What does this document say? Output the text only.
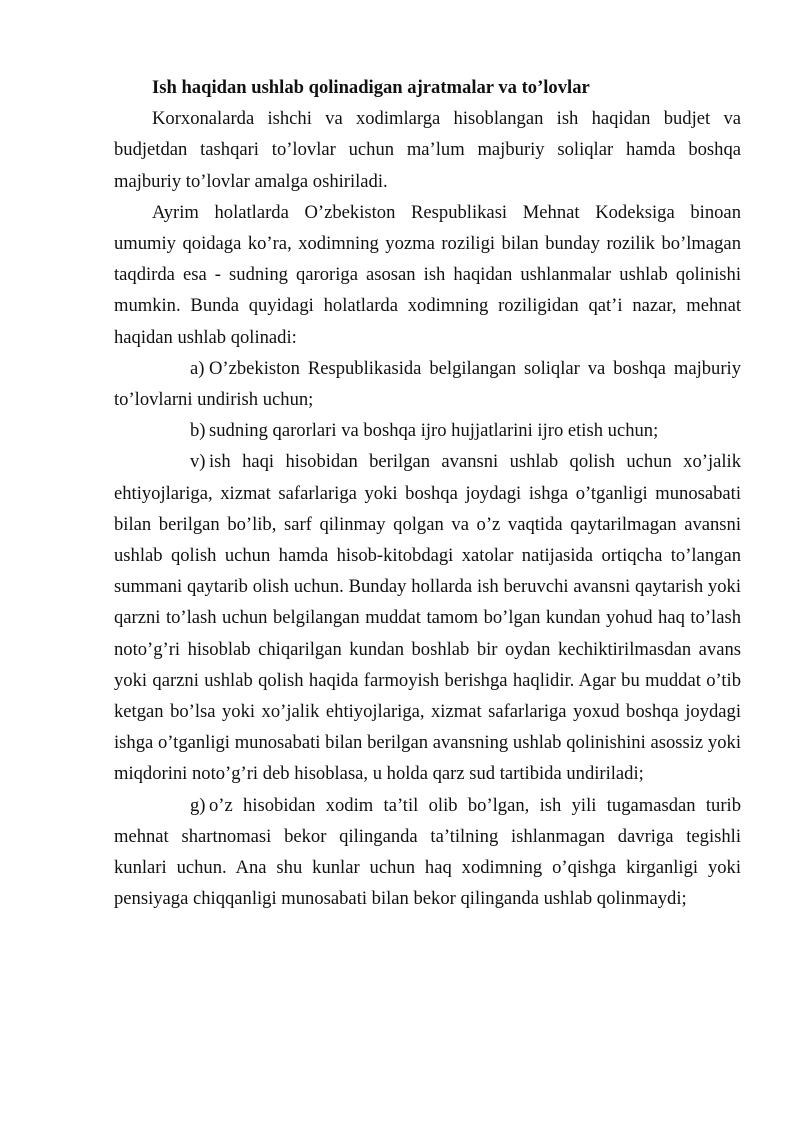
Ish haqidan ushlab qolinadigan ajratmalar va to’lovlar

Korxonalarda ishchi va xodimlarga hisoblangan ish haqidan budjet va budjetdan tashqari to’lovlar uchun ma’lum majburiy soliqlar hamda boshqa majburiy to’lovlar amalga oshiriladi.

Ayrim holatlarda O’zbekiston Respublikasi Mehnat Kodeksiga binoan umumiy qoidaga ko’ra, xodimning yozma roziligi bilan bunday rozilik bo’lmagan taqdirda esa - sudning qaroriga asosan ish haqidan ushlanmalar ushlab qolinishi mumkin. Bunda quyidagi holatlarda xodimning roziligidan qat’i nazar, mehnat haqidan ushlab qolinadi:

a) O’zbekiston Respublikasida belgilangan soliqlar va boshqa majburiy to’lovlarni undirish uchun;

b) sudning qarorlari va boshqa ijro hujjatlarini ijro etish uchun;

v) ish haqi hisobidan berilgan avansni ushlab qolish uchun xo’jalik ehtiyojlariga, xizmat safarlariga yoki boshqa joydagi ishga o’tganligi munosabati bilan berilgan bo’lib, sarf qilinmay qolgan va o’z vaqtida qaytarilmagan avansni ushlab qolish uchun hamda hisob-kitobdagi xatolar natijasida ortiqcha to’langan summani qaytarib olish uchun. Bunday hollarda ish beruvchi avansni qaytarish yoki qarzni to’lash uchun belgilangan muddat tamom bo’lgan kundan yohud haq to’lash noto’g’ri hisoblab chiqarilgan kundan boshlab bir oydan kechiktirilmasdan avans yoki qarzni ushlab qolish haqida farmoyish berishga haqlidir. Agar bu muddat o’tib ketgan bo’lsa yoki xo’jalik ehtiyojlariga, xizmat safarlariga yoxud boshqa joydagi ishga o’tganligi munosabati bilan berilgan avansning ushlab qolinishini asossiz yoki miqdorini noto’g’ri deb hisoblasa, u holda qarz sud tartibida undiriladi;

g) o’z hisobidan xodim ta’til olib bo’lgan, ish yili tugamasdan turib mehnat shartnomasi bekor qilinganda ta’tilning ishlanmagan davriga tegishli kunlari uchun. Ana shu kunlar uchun haq xodimning o’qishga kirganligi yoki pensiyaga chiqqanligi munosabati bilan bekor qilinganda ushlab qolinmaydi;
